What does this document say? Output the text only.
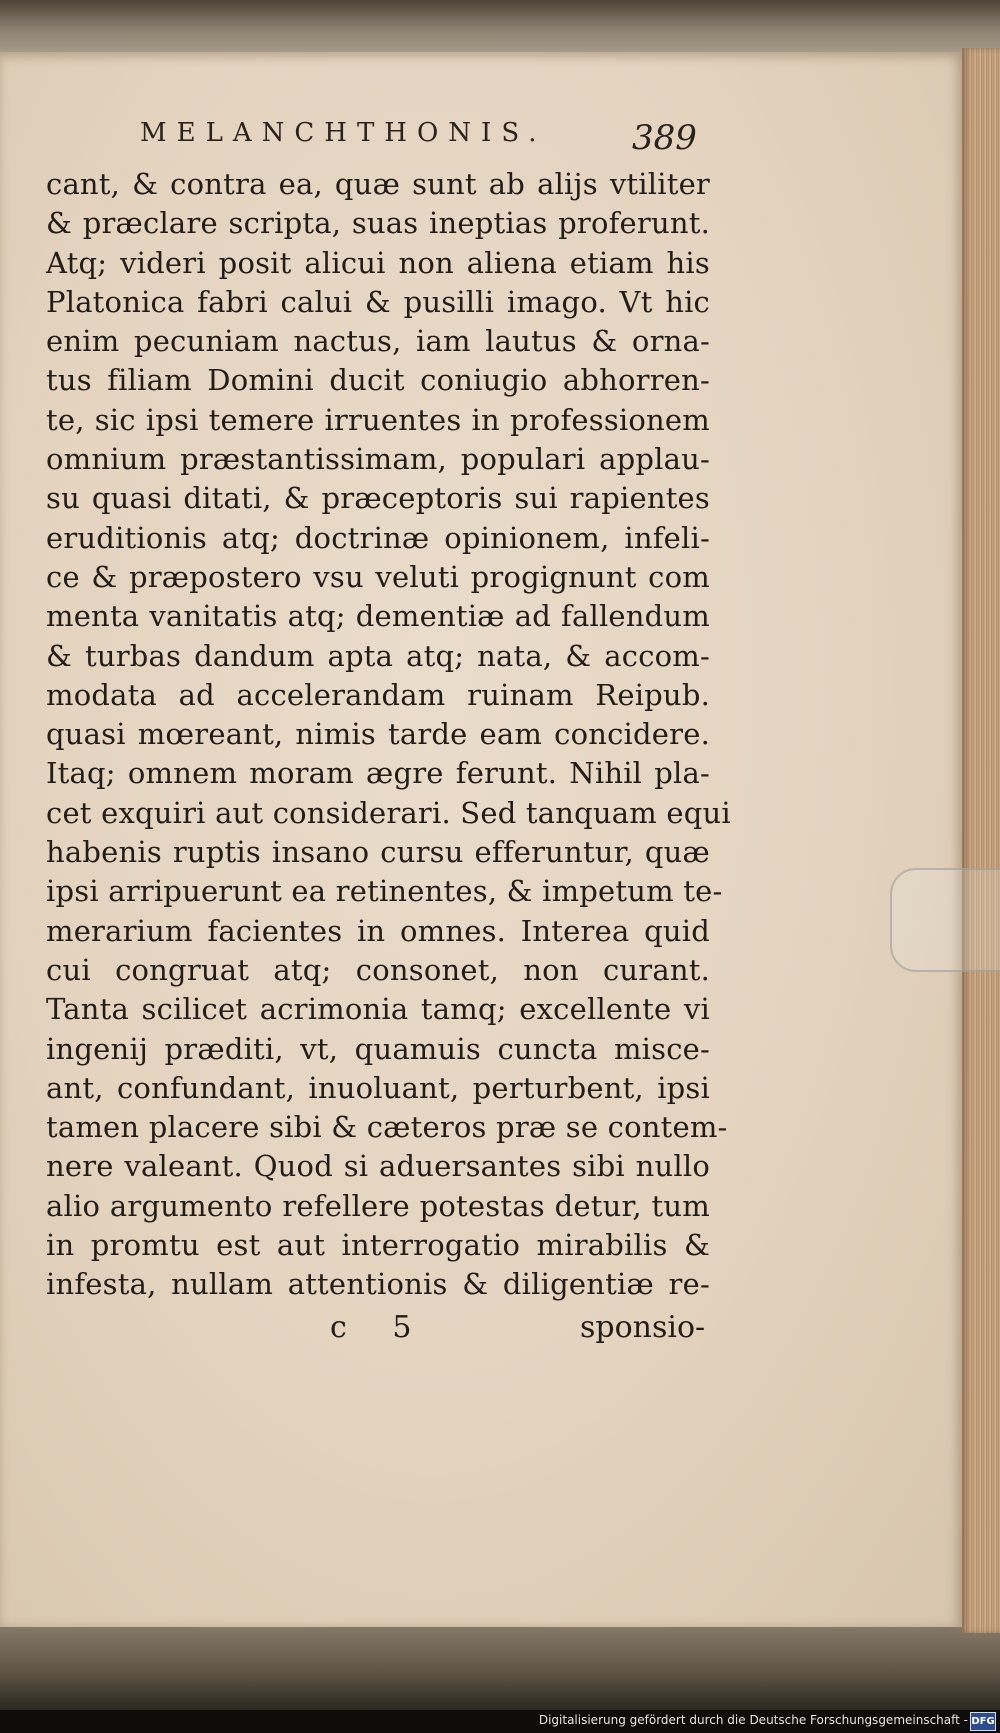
MELANCHTHONIS.	389
cant, & contra ea, quæ sunt ab alijs vtiliter
& præclare scripta, suas ineptias proferunt.
Atq; videri posit alicui non aliena etiam his
Platonica fabri calui & pusilli imago. Vt hic
enim pecuniam nactus, iam lautus & orna-
tus filiam Domini ducit coniugio abhorren-
te, sic ipsi temere irruentes in professionem
omnium præstantissimam, populari applau-
su quasi ditati, & præceptoris sui rapientes
eruditionis atq; doctrinæ opinionem, infeli-
ce & præpostero vsu veluti progignunt com
menta vanitatis atq; dementiæ ad fallendum
& turbas dandum apta atq; nata, & accom-
modata ad accelerandam ruinam Reipub.
quasi mœreant, nimis tarde eam concidere.
Itaq; omnem moram ægre ferunt. Nihil pla-
cet exquiri aut considerari. Sed tanquam equi
habenis ruptis insano cursu efferuntur, quæ
ipsi arripuerunt ea retinentes, & impetum te-
merarium facientes in omnes. Interea quid
cui congruat atq; consonet, non curant.
Tanta scilicet acrimonia tamq; excellente vi
ingenij præditi, vt, quamuis cuncta misce-
ant, confundant, inuoluant, perturbent, ipsi
tamen placere sibi & cæteros præ se contem-
nere valeant. Quod si aduersantes sibi nullo
alio argumento refellere potestas detur, tum
in promtu est aut interrogatio mirabilis &
infesta, nullam attentionis & diligentiæ re-
c 5	sponsio-
Digitalisierung gefördert durch die Deutsche Forschungsgemeinschaft - DFG
